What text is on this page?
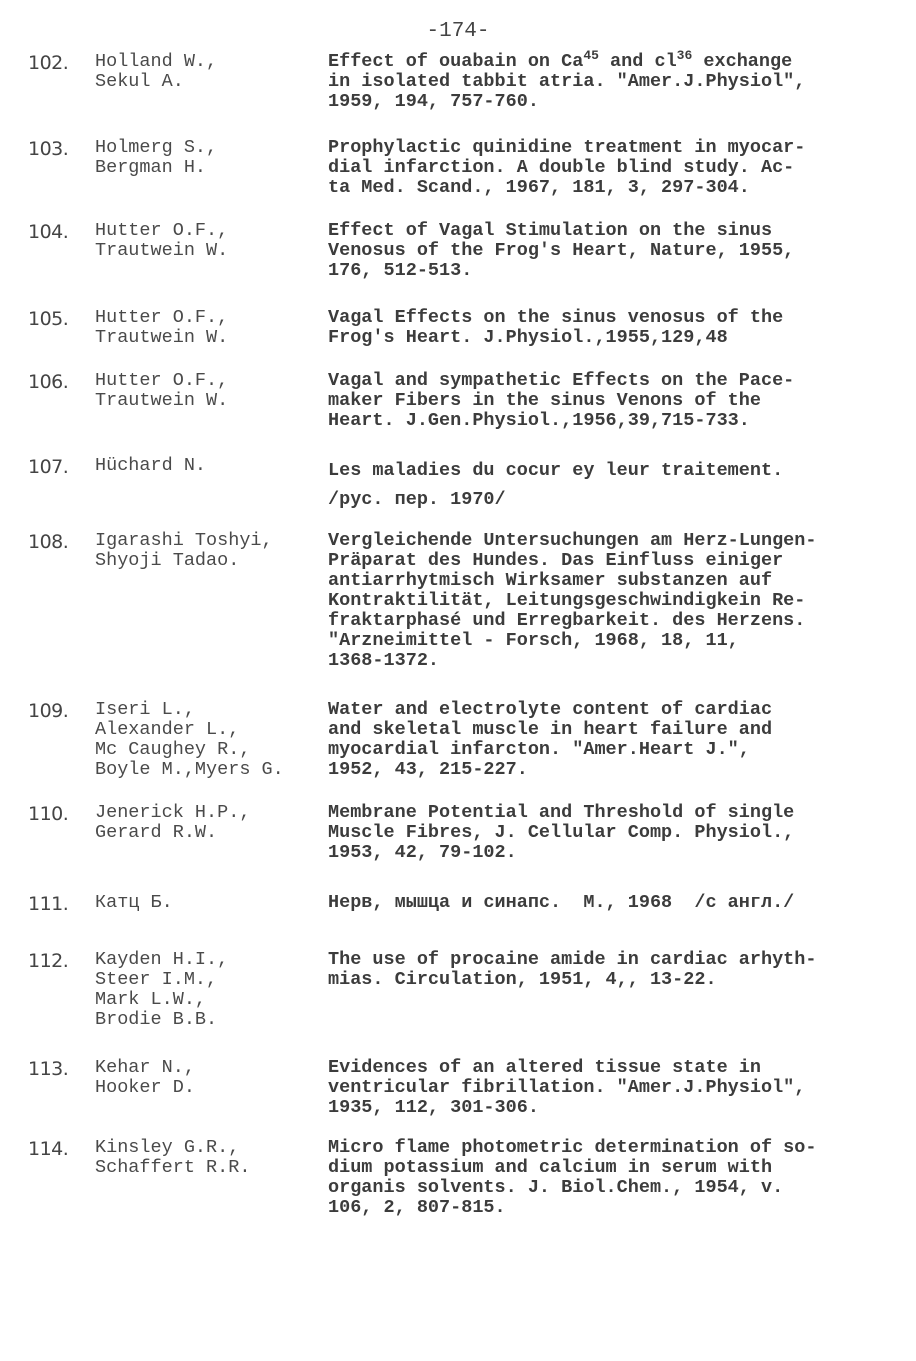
-174-
102. Holland W.,
Sekul A.
Effect of ouabain on Ca$^{45}$ and $cl^{36}$ exchange
in isolated tabbit atria. "Amer.J.Physiol",
1959, 194, 757-760.
103. Holmerg S.,
Bergman H.
Prophylactic quinidine treatment in myocar-
dial infarction. A double blind study. Ac-
ta Med. Scand., 1967, 181, 3, 297-304.
104. Hutter O.F.,
Trautwein W.
Effect of Vagal Stimulation on the sinus
Venosus of the Frog's Heart, Nature, 1955,
176, 512-513.
105. Hutter O.F.,
Trautwein W.
Vagal Effects on the sinus venosus of the
Frog's Heart. J.Physiol.,1955,129,48
106. Hutter O.F.,
Trautwein W.
Vagal and sympathetic Effects on the Pace-
maker Fibers in the sinus Venons of the
Heart. J.Gen.Physiol.,1956,39,715-733.
107. Hüchard N.	Les maladies du cocur ey leur traitement.
/рус. пер. 1970/
108. Igarashi Toshyi,
Shyoji Tadao.
Vergleichende Untersuchungen am Herz-Lungen-
Präparat des Hundes. Das Einfluss einiger
antiarrhytmisch Wirksamer substanzen auf
Kontraktilität, Leitungsgeschwindigkein Re-
fraktarphasé und Erregbarkeit. des Herzens.
"Arzneimittel - Forsch, 1968, 18, 11,
1368-1372.
109. Iseri L.,
Alexander L.,
Mc Caughey R.,
Boyle M.,Myers G.
Water and electrolyte content of cardiac
and skeletal muscle in heart failure and
myocardial infarcton. "Amer.Heart J.",
1952, 43, 215-227.
110. Jenerick H.P.,
Gerard R.W.
Membrane Potential and Threshold of single
Muscle Fibres, J. Cellular Comp. Physiol.,
1953, 42, 79-102.
111. Катц Б.	Нерв, мышца и синапс.  М., 1968  /с англ./
112. Kayden H.I.,
Steer I.M.,
Mark L.W.,
Brodie B.B.
The use of procaine amide in cardiac arhyth-
mias. Circulation, 1951, 4,, 13-22.
113. Kehar N.,
Hooker D.
Evidences of an altered tissue state in
ventricular fibrillation. "Amer.J.Physiol",
1935, 112, 301-306.
114. Kinsley G.R.,
Schaffert R.R.
Micro flame photometric determination of so-
dium potassium and calcium in serum with
organis solvents. J. Biol.Chem., 1954, v.
106, 2, 807-815.
